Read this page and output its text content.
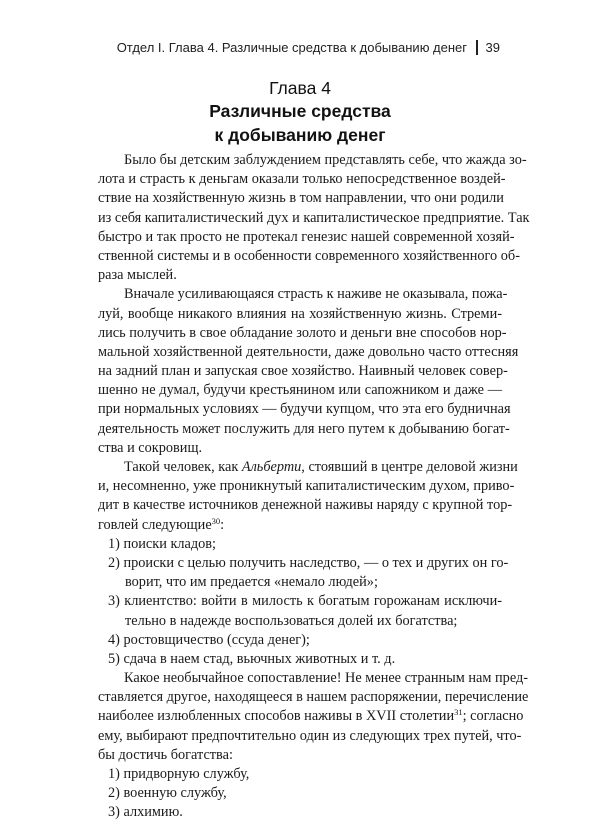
Отдел I. Глава 4. Различные средства к добыванию денег 39
Глава 4
Различные средства
к добыванию денег
Было бы детским заблуждением представлять себе, что жажда зо-
лота и страсть к деньгам оказали только непосредственное воздей-
ствие на хозяйственную жизнь в том направлении, что они родили
из себя капиталистический дух и капиталистическое предприятие. Так
быстро и так просто не протекал генезис нашей современной хозяй-
ственной системы и в особенности современного хозяйственного об-
раза мыслей.
Вначале усиливающаяся страсть к наживе не оказывала, пожа-
луй, вообще никакого влияния на хозяйственную жизнь. Стреми-
лись получить в свое обладание золото и деньги вне способов нор-
мальной хозяйственной деятельности, даже довольно часто оттесняя
на задний план и запуская свое хозяйство. Наивный человек совер-
шенно не думал, будучи крестьянином или сапожником и даже —
при нормальных условиях — будучи купцом, что эта его будничная
деятельность может послужить для него путем к добыванию богат-
ства и сокровищ.
Такой человек, как Альберти, стоявший в центре деловой жизни
и, несомненно, уже проникнутый капиталистическим духом, приво-
дит в качестве источников денежной наживы наряду с крупной тор-
говлей следующие$^{30}$:
1) поиски кладов;
2) происки с целью получить наследство, — о тех и других он го-
ворит, что им предается «немало людей»;
3) клиентство: войти в милость к богатым горожанам исключи-
тельно в надежде воспользоваться долей их богатства;
4) ростовщичество (ссуда денег);
5) сдача в наем стад, вьючных животных и т. д.
Какое необычайное сопоставление! Не менее странным нам пред-
ставляется другое, находящееся в нашем распоряжении, перечисление
наиболее излюбленных способов наживы в XVII столетии$^{31}$; согласно
ему, выбирают предпочтительно один из следующих трех путей, что-
бы достичь богатства:
1) придворную службу,
2) военную службу,
3) алхимию.
